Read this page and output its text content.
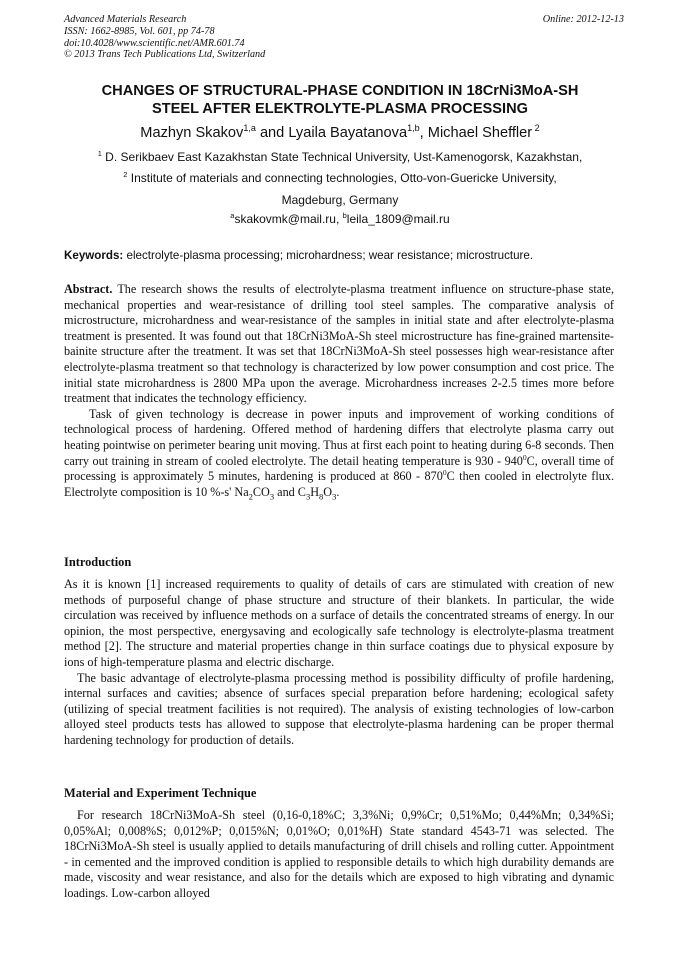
Advanced Materials Research
ISSN: 1662-8985, Vol. 601, pp 74-78
doi:10.4028/www.scientific.net/AMR.601.74
© 2013 Trans Tech Publications Ltd, Switzerland
Online: 2012-12-13
CHANGES OF STRUCTURAL-PHASE CONDITION IN 18CrNi3MoA-SH
STEEL AFTER ELEKTROLYTE-PLASMA PROCESSING
Mazhyn Skakov$^{1,a}$ and Lyaila Bayatanova$^{1,b}$, Michael Sheffler $^2$
$^1$ D. Serikbaev East Kazakhstan State Technical University, Ust-Kamenogorsk, Kazakhstan,
$^2$ Institute of materials and connecting technologies, Otto-von-Guericke University,
Magdeburg, Germany
$^a$skakovmk@mail.ru, $^b$leila_1809@mail.ru
Keywords: electrolyte-plasma processing; microhardness; wear resistance; microstructure.

Abstract. The research shows the results of electrolyte-plasma treatment influence on structure-phase state, mechanical properties and wear-resistance of drilling tool steel samples. The comparative analysis of microstructure, microhardness and wear-resistance of the samples in initial state and after electrolyte-plasma treatment is presented. It was found out that 18CrNi3MoA-Sh steel microstructure has fine-grained martensite-bainite structure after the treatment. It was set that 18CrNi3MoA-Sh steel possesses high wear-resistance after electrolyte-plasma treatment so that technology is characterized by low power consumption and cost price. The initial state microhardness is 2800 MPa upon the average. Microhardness increases 2-2.5 times more before treatment that indicates the technology efficiency.

Task of given technology is decrease in power inputs and improvement of working conditions of technological process of hardening. Offered method of hardening differs that electrolyte plasma carry out heating pointwise on perimeter bearing unit moving. Thus at first each point to heating during 6-8 seconds. Then carry out training in stream of cooled electrolyte. The detail heating temperature is $930 - 940^0C$, overall time of processing is approximately 5 minutes, hardening is produced at $860 - 870^0C$ then cooled in electrolyte flux. Electrolyte composition is 10 %-s' $Na_2CO_3$ and $C_3H_8O_3$.

Introduction

As it is known [1] increased requirements to quality of details of cars are stimulated with creation of new methods of purposeful change of phase structure and structure of their blankets. In particular, the wide circulation was received by influence methods on a surface of details the concentrated streams of energy. In our opinion, the most perspective, energysaving and ecologically safe technology is electrolyte-plasma treatment method [2]. The structure and material properties change in thin surface coatings due to physical exposure by ions of high-temperature plasma and electric discharge.

The basic advantage of electrolyte-plasma processing method is possibility difficulty of profile hardening, internal surfaces and cavities; absence of surfaces special preparation before hardening; ecological safety (utilizing of special treatment facilities is not required). The analysis of existing technologies of low-carbon alloyed steel products tests has allowed to suppose that electrolyte-plasma hardening can be proper thermal hardening technology for production of details.

Material and Experiment Technique

For research 18CrNi3MoA-Sh steel (0,16-0,18%C; 3,3%Ni; 0,9%Cr; 0,51%Mo; 0,44%Mn; 0,34%Si; 0,05%Al; 0,008%S; 0,012%P; 0,015%N; 0,01%O; 0,01%H) State standard 4543-71 was selected. The 18CrNi3MoA-Sh steel is usually applied to details manufacturing of drill chisels and rolling cutter. Appointment - in cemented and the improved condition is applied to responsible details to which high durability demands are made, viscosity and wear resistance, and also for the details which are exposed to high vibrating and dynamic loadings. Low-carbon alloyed
